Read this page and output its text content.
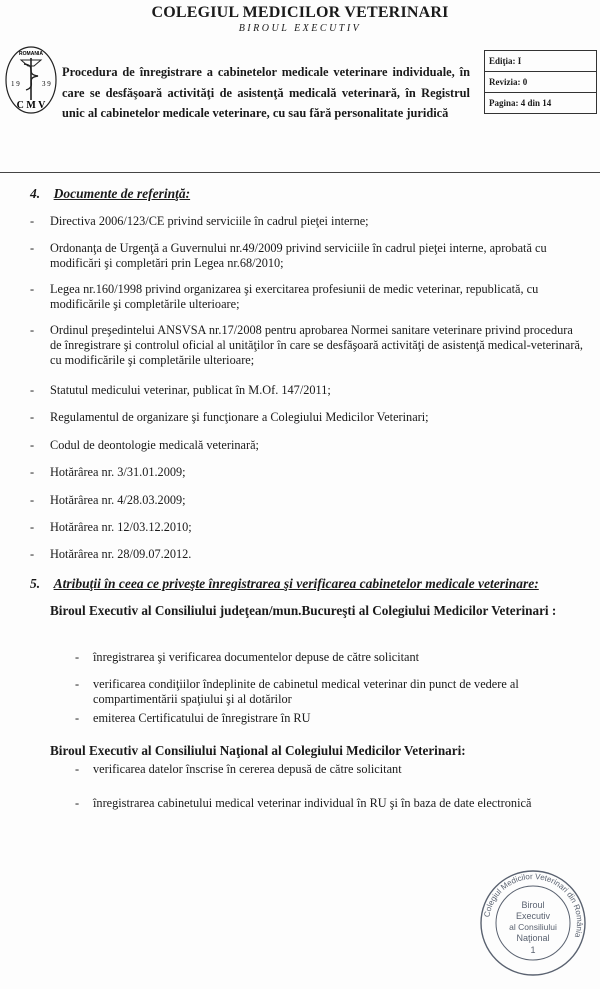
COLEGIUL MEDICILOR VETERINARI
BIROUL EXECUTIV
ROMANIA
1 9	3 9
C M V
Procedura de înregistrare a cabinetelor medicale veterinare individuale, în care se desfăşoară activităţi de asistenţă medicală veterinară, în Registrul unic al cabinetelor medicale veterinare, cu sau fără personalitate juridică
Ediţia: I
Revizia: 0
Pagina: 4 din 14
4. Documente de referinţă:
- Directiva 2006/123/CE privind serviciile în cadrul pieţei interne;
- Ordonanţa de Urgenţă a Guvernului nr.49/2009 privind serviciile în cadrul pieţei interne, aprobată cu modificări şi completări prin Legea nr.68/2010;
- Legea nr.160/1998 privind organizarea şi exercitarea profesiunii de medic veterinar, republicată, cu modificările şi completările ulterioare;
- Ordinul preşedintelui ANSVSA nr.17/2008 pentru aprobarea Normei sanitare veterinare privind procedura de înregistrare şi controlul oficial al unităţilor în care se desfăşoară activităţi de asistenţă medical-veterinară, cu modificările şi completările ulterioare;
- Statutul medicului veterinar, publicat în M.Of. 147/2011;
- Regulamentul de organizare şi funcţionare a Colegiului Medicilor Veterinari;
- Codul de deontologie medicală veterinară;
- Hotărârea nr. 3/31.01.2009;
- Hotărârea nr. 4/28.03.2009;
- Hotărârea nr. 12/03.12.2010;
- Hotărârea nr. 28/09.07.2012.
5. Atribuţii în ceea ce priveşte înregistrarea şi verificarea cabinetelor medicale veterinare:
Biroul Executiv al Consiliului judeţean/mun.Bucureşti al Colegiului Medicilor Veterinari :
- înregistrarea şi verificarea documentelor depuse de către solicitant
- verificarea condiţiilor îndeplinite de cabinetul medical veterinar din punct de vedere al compartimentării spaţiului şi al dotărilor
- emiterea Certificatului de înregistrare în RU
Biroul Executiv al Consiliului Naţional al Colegiului Medicilor Veterinari:
- verificarea datelor înscrise în cererea depusă de către solicitant
- înregistrarea cabinetului medical veterinar individual în RU şi în baza de date electronică
Colegiul Medicilor Veterinari din România
Biroul
Executiv
al Consiliului
Naţional
1
